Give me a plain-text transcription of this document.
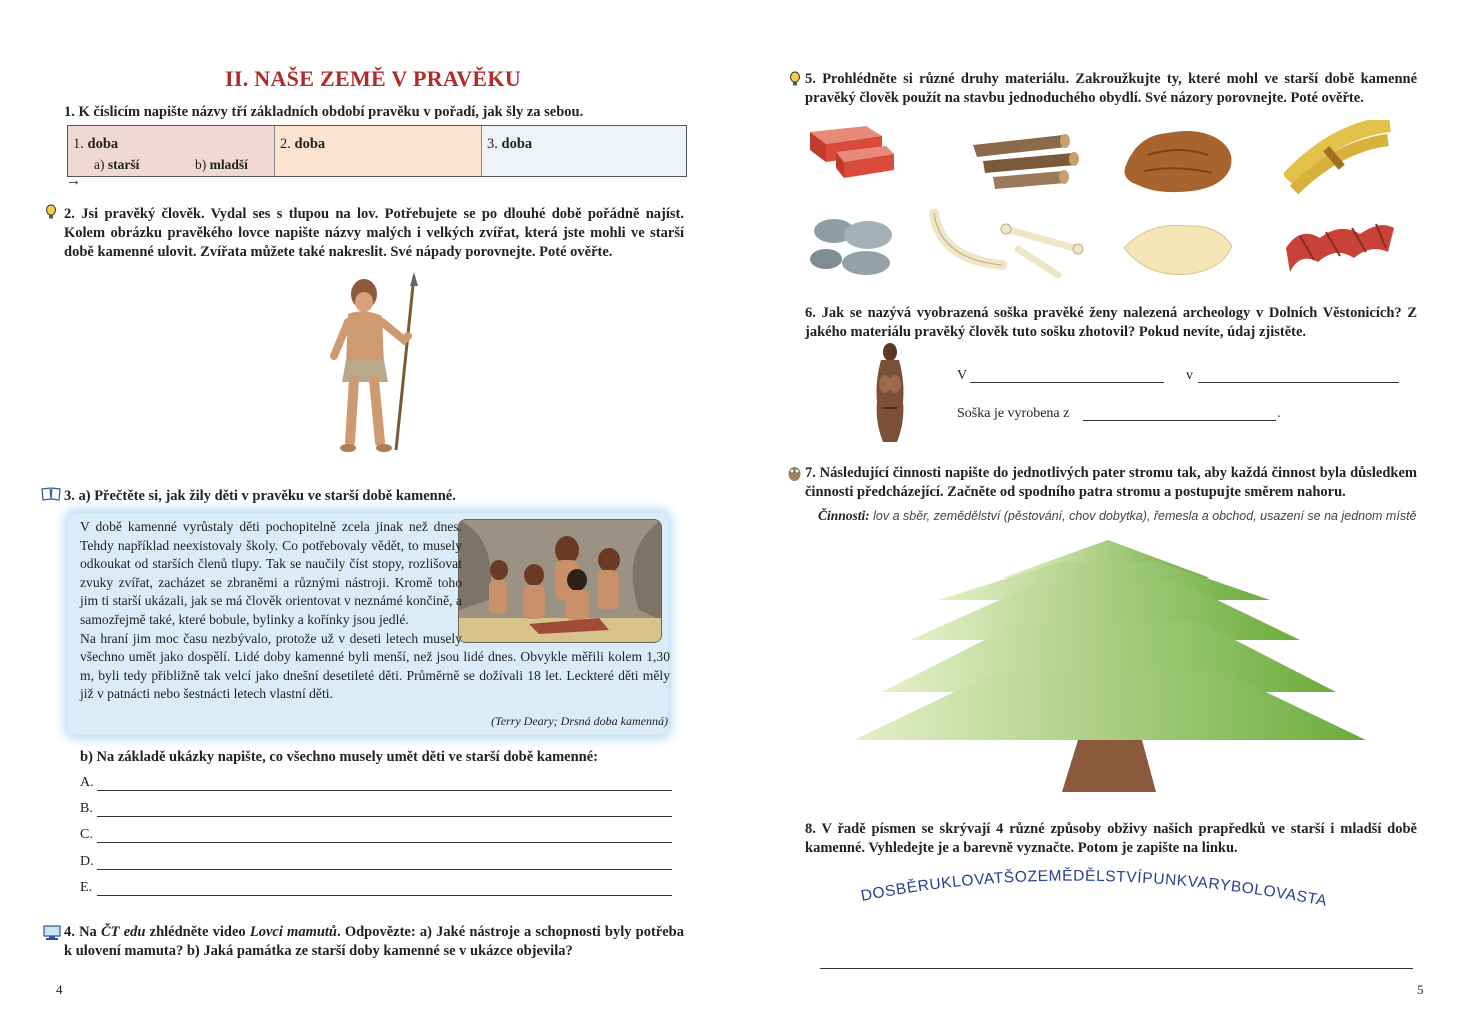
II. NAŠE ZEMĚ V PRAVĚKU
1. K číslicím napište názvy tří základních období pravěku v pořadí, jak šly za sebou.
1. doba
a) starší	b) mladší
2. doba	3. doba
→
2. Jsi pravěký člověk. Vydal ses s tlupou na lov. Potřebujete se po dlouhé době pořádně najíst. Kolem obrázku pravěkého lovce napište názvy malých i velkých zvířat, která jste mohli ve starší době kamenné ulovit. Zvířata můžete také nakreslit. Své nápady porovnejte. Poté ověřte.
3. a) Přečtěte si, jak žily děti v pravěku ve starší době kamenné.
V době kamenné vyrůstaly děti pochopitelně zcela jinak než dnes. Tehdy například neexistovaly školy. Co potřebovaly vědět, to musely odkoukat od starších členů tlupy. Tak se naučily číst stopy, rozlišovat zvuky zvířat, zacházet se zbraněmi a různými nástroji. Kromě toho jim ti starší ukázali, jak se má člověk orientovat v neznámé končině, a samozřejmě také, které bobule, bylinky a kořínky jsou jedlé.
Na hraní jim moc času nezbývalo, protože už v deseti letech musely všechno umět jako dospělí. Lidé doby kamenné byli menší, než jsou lidé dnes. Obvykle měřili kolem 1,30 m, byli tedy přibližně tak velcí jako dnešní desetileté děti. Průměrně se dožívali 18 let. Leckteré děti měly již v patnácti nebo šestnácti letech vlastní děti.
(Terry Deary; Drsná doba kamenná)
b) Na základě ukázky napište, co všechno musely umět děti ve starší době kamenné:
A.
B.
C.
D.
E.
4. Na ČT edu zhlédněte video Lovci mamutů. Odpovězte: a) Jaké nástroje a schopnosti byly potřeba k ulovení mamuta? b) Jaká památka ze starší doby kamenné se v ukázce objevila?
4
5. Prohlédněte si různé druhy materiálu. Zakroužkujte ty, které mohl ve starší době kamenné pravěký člověk použít na stavbu jednoduchého obydlí. Své názory porovnejte. Poté ověřte.
6. Jak se nazývá vyobrazená soška pravěké ženy nalezená archeology v Dolních Věstonicích? Z jakého materiálu pravěký člověk tuto sošku zhotovil? Pokud nevíte, údaj zjistěte.
V	v
Soška je vyrobena z	.
7. Následující činnosti napište do jednotlivých pater stromu tak, aby každá činnost byla důsledkem činnosti předcházející. Začněte od spodního patra stromu a postupujte směrem nahoru.
Činnosti: lov a sběr, zemědělství (pěstování, chov dobytka), řemesla a obchod, usazení se na jednom místě
8. V řadě písmen se skrývají 4 různé způsoby obživy našich prapředků ve starší i mladší době kamenné. Vyhledejte je a barevně vyznačte. Potom je zapište na linku.
DOSBĚRUKLOVATŠOZEMĚDĚLSTVÍPUNKVARYBOLOVASTA
5
